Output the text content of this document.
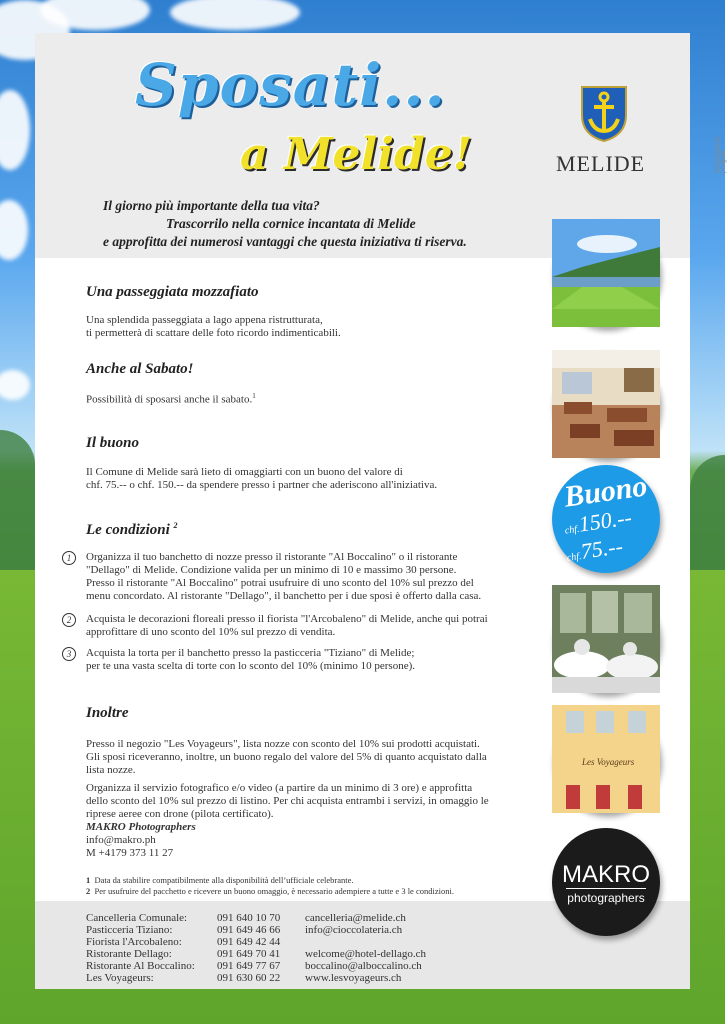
Sposati...
a Melide!	MELIDE	Neuroesperia | Lugano
Il giorno più importante della tua vita?
Trascorrilo nella cornice incantata di Melide
e approfitta dei numerosi vantaggi che questa iniziativa ti riserva.
Una passeggiata mozzafiato
Una splendida passeggiata a lago appena ristrutturata,
ti permetterà di scattare delle foto ricordo indimenticabili.
Anche al Sabato!
Possibilità di sposarsi anche il sabato.$^1$
Il buono
Il Comune di Melide sarà lieto di omaggiarti con un buono del valore di
chf. 75.-- o chf. 150.-- da spendere presso i partner che aderiscono all'iniziativa.
Le condizioni $^2$
1	Organizza il tuo banchetto di nozze presso il ristorante "Al Boccalino" o il ristorante
"Dellago" di Melide. Condizione valida per un minimo di 10 e massimo 30 persone.
Presso il ristorante "Al Boccalino" potrai usufruire di uno sconto del 10% sul prezzo del
menu concordato. Al ristorante "Dellago", il banchetto per i due sposi è offerto dalla casa.
2	Acquista le decorazioni floreali presso il fiorista "l'Arcobaleno" di Melide, anche qui potrai
approfittare di uno sconto del 10% sul prezzo di vendita.
3	Acquista la torta per il banchetto presso la pasticceria "Tiziano" di Melide;
per te una vasta scelta di torte con lo sconto del 10% (minimo 10 persone).
Inoltre
Presso il negozio "Les Voyageurs", lista nozze con sconto del 10% sui prodotti acquistati.
Gli sposi riceveranno, inoltre, un buono regalo del valore del 5% di quanto acquistato dalla
lista nozze.
Organizza il servizio fotografico e/o video (a partire da un minimo di 3 ore) e approfitta
dello sconto del 10% sul prezzo di listino. Per chi acquista entrambi i servizi, in omaggio le
riprese aeree con drone (pilota certificato).
MAKRO Photographers
info@makro.ph
M +4179 373 11 27
1 Data da stabilire compatibilmente alla disponibilità dell’ufficiale celebrante.
2 Per usufruire del pacchetto e ricevere un buono omaggio, è necessario adempiere a tutte e 3 le condizioni.
Cancelleria Comunale:	091 640 10 70	cancelleria@melide.ch
Pasticceria Tiziano:	091 649 46 66	info@cioccolateria.ch
Fiorista l'Arcobaleno:	091 649 42 44	
Ristorante Dellago:	091 649 70 41	welcome@hotel-dellago.ch
Ristorante Al Boccalino:	091 649 77 67	boccalino@alboccalino.ch
Les Voyageurs:	091 630 60 22	www.lesvoyageurs.ch
Buono
chf.150.--
chf.75.--
Les Voyageurs
MAKRO
photographers
